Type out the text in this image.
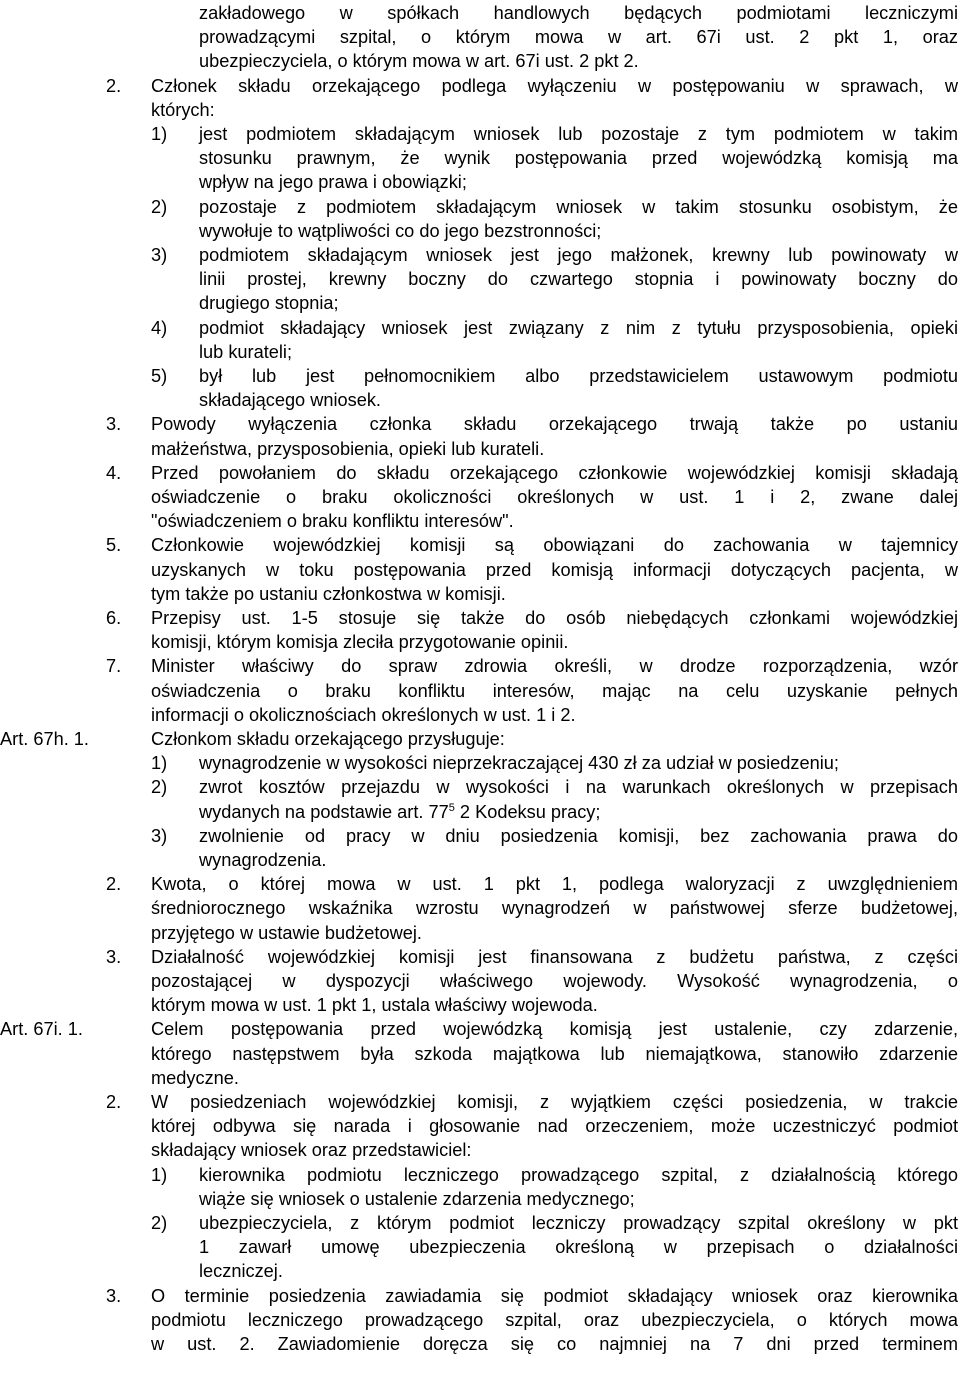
zakładowego w spółkach handlowych będących podmiotami leczniczymi
prowadzącymi szpital, o którym mowa w art. 67i ust. 2 pkt 1, oraz
ubezpieczyciela, o którym mowa w art. 67i ust. 2 pkt 2.
2. Członek składu orzekającego podlega wyłączeniu w postępowaniu w sprawach, w
których:
1) jest podmiotem składającym wniosek lub pozostaje z tym podmiotem w takim
stosunku prawnym, że wynik postępowania przed wojewódzką komisją ma
wpływ na jego prawa i obowiązki;
2) pozostaje z podmiotem składającym wniosek w takim stosunku osobistym, że
wywołuje to wątpliwości co do jego bezstronności;
3) podmiotem składającym wniosek jest jego małżonek, krewny lub powinowaty w
linii prostej, krewny boczny do czwartego stopnia i powinowaty boczny do
drugiego stopnia;
4) podmiot składający wniosek jest związany z nim z tytułu przysposobienia, opieki
lub kurateli;
5) był lub jest pełnomocnikiem albo przedstawicielem ustawowym podmiotu
składającego wniosek.
3. Powody wyłączenia członka składu orzekającego trwają także po ustaniu
małżeństwa, przysposobienia, opieki lub kurateli.
4. Przed powołaniem do składu orzekającego członkowie wojewódzkiej komisji składają
oświadczenie o braku okoliczności określonych w ust. 1 i 2, zwane dalej
"oświadczeniem o braku konfliktu interesów".
5. Członkowie wojewódzkiej komisji są obowiązani do zachowania w tajemnicy
uzyskanych w toku postępowania przed komisją informacji dotyczących pacjenta, w
tym także po ustaniu członkostwa w komisji.
6. Przepisy ust. 1-5 stosuje się także do osób niebędących członkami wojewódzkiej
komisji, którym komisja zleciła przygotowanie opinii.
7. Minister właściwy do spraw zdrowia określi, w drodze rozporządzenia, wzór
oświadczenia o braku konfliktu interesów, mając na celu uzyskanie pełnych
informacji o okolicznościach określonych w ust. 1 i 2.
Art. 67h. 1.	Członkom składu orzekającego przysługuje:
1) wynagrodzenie w wysokości nieprzekraczającej 430 zł za udział w posiedzeniu;
2) zwrot kosztów przejazdu w wysokości i na warunkach określonych w przepisach
wydanych na podstawie art. $77^5$ 2 Kodeksu pracy;
3) zwolnienie od pracy w dniu posiedzenia komisji, bez zachowania prawa do
wynagrodzenia.
2. Kwota, o której mowa w ust. 1 pkt 1, podlega waloryzacji z uwzględnieniem
średniorocznego wskaźnika wzrostu wynagrodzeń w państwowej sferze budżetowej,
przyjętego w ustawie budżetowej.
3. Działalność wojewódzkiej komisji jest finansowana z budżetu państwa, z części
pozostającej w dyspozycji właściwego wojewody. Wysokość wynagrodzenia, o
którym mowa w ust. 1 pkt 1, ustala właściwy wojewoda.
Art. 67i. 1.	Celem postępowania przed wojewódzką komisją jest ustalenie, czy zdarzenie,
którego następstwem była szkoda majątkowa lub niemajątkowa, stanowiło zdarzenie
medyczne.
2. W posiedzeniach wojewódzkiej komisji, z wyjątkiem części posiedzenia, w trakcie
której odbywa się narada i głosowanie nad orzeczeniem, może uczestniczyć podmiot
składający wniosek oraz przedstawiciel:
1) kierownika podmiotu leczniczego prowadzącego szpital, z działalnością którego
wiąże się wniosek o ustalenie zdarzenia medycznego;
2) ubezpieczyciela, z którym podmiot leczniczy prowadzący szpital określony w pkt
1 zawarł umowę ubezpieczenia określoną w przepisach o działalności
leczniczej.
3. O terminie posiedzenia zawiadamia się podmiot składający wniosek oraz kierownika
podmiotu leczniczego prowadzącego szpital, oraz ubezpieczyciela, o których mowa
w ust. 2. Zawiadomienie doręcza się co najmniej na 7 dni przed terminem
